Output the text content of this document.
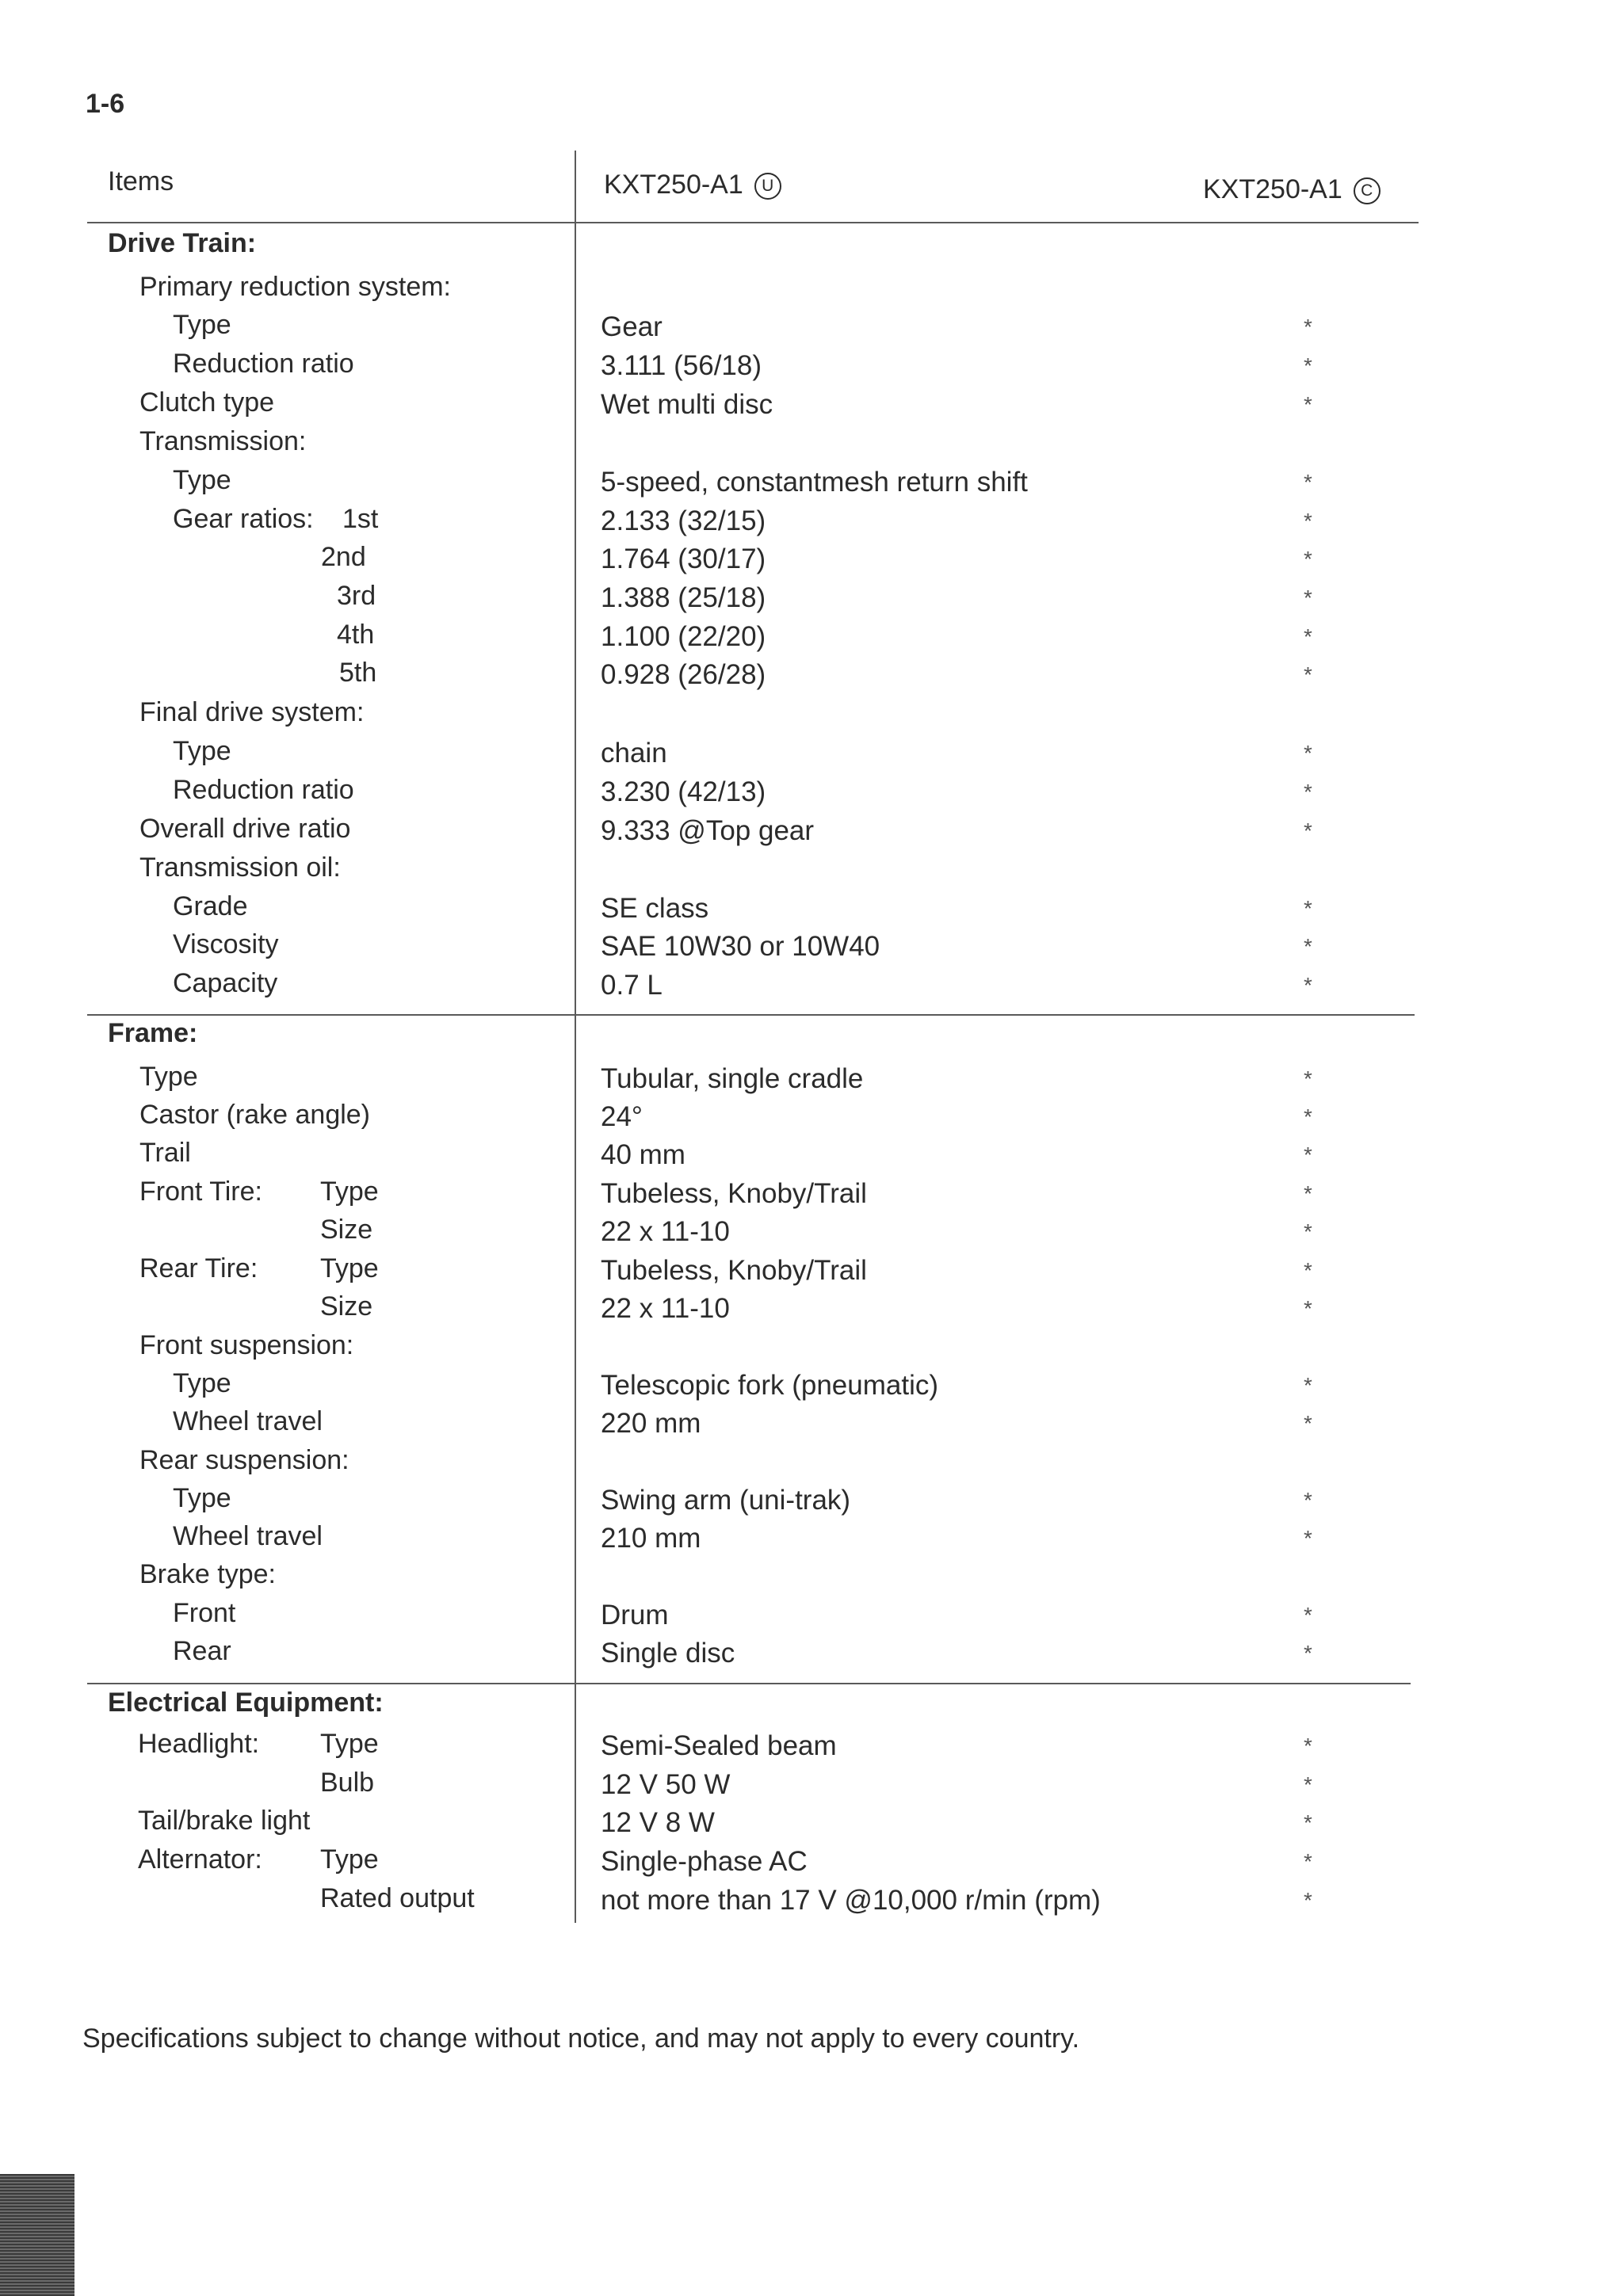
1-6
Items	KXT250-A1 U	KXT250-A1 C
Drive Train:
Primary reduction system:
Type	Gear	*
Reduction ratio	3.111 (56/18)	*
Clutch type	Wet multi disc	*
Transmission:
Type	5-speed, constantmesh return shift	*
Gear ratios: 1st	2.133 (32/15)	*
2nd	1.764 (30/17)	*
3rd	1.388 (25/18)	*
4th	1.100 (22/20)	*
5th	0.928 (26/28)	*
Final drive system:
Type	chain	*
Reduction ratio	3.230 (42/13)	*
Overall drive ratio	9.333 @Top gear	*
Transmission oil:
Grade	SE class	*
Viscosity	SAE 10W30 or 10W40	*
Capacity	0.7 L	*
Frame:
Type	Tubular, single cradle	*
Castor (rake angle)	24°	*
Trail	40 mm	*
Front Tire: Type	Tubeless, Knoby/Trail	*
Size	22 x 11-10	*
Rear Tire: Type	Tubeless, Knoby/Trail	*
Size	22 x 11-10	*
Front suspension:
Type	Telescopic fork (pneumatic)	*
Wheel travel	220 mm	*
Rear suspension:
Type	Swing arm (uni-trak)	*
Wheel travel	210 mm	*
Brake type:
Front	Drum	*
Rear	Single disc	*
Electrical Equipment:
Headlight: Type	Semi-Sealed beam	*
Bulb	12 V 50 W	*
Tail/brake light	12 V 8 W	*
Alternator: Type	Single-phase AC	*
Rated output	not more than 17 V @10,000 r/min (rpm)	*
Specifications subject to change without notice, and may not apply to every country.
